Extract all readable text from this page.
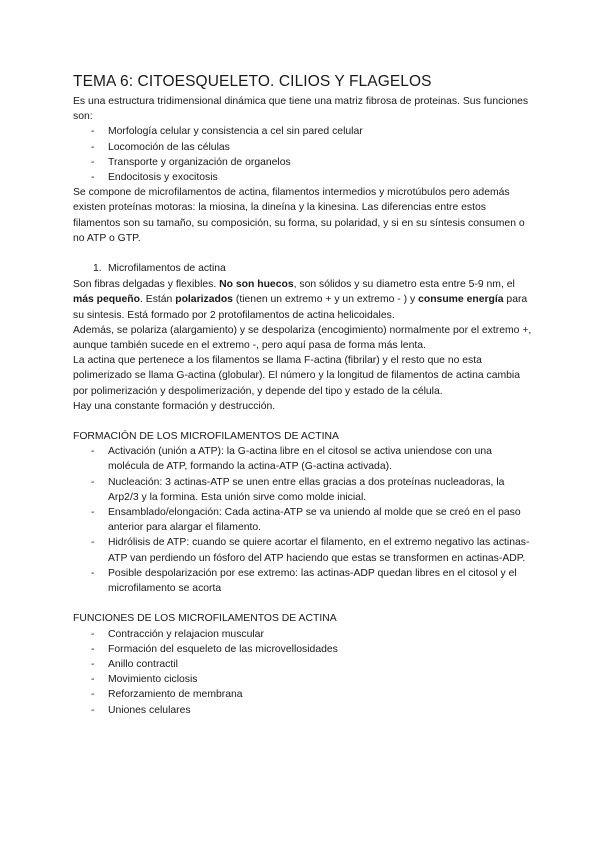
TEMA 6: CITOESQUELETO. CILIOS Y FLAGELOS

Es una estructura tridimensional dinámica que tiene una matriz fibrosa de proteinas. Sus funciones son:

- Morfología celular y consistencia a cel sin pared celular
- Locomoción de las células
- Transporte y organización de organelos
- Endocitosis y exocitosis

Se compone de microfilamentos de actina, filamentos intermedios y microtúbulos pero además existen proteínas motoras: la miosina, la dineína y la kinesina. Las diferencias entre estos filamentos son su tamaño, su composición, su forma, su polaridad, y si en su síntesis consumen o no ATP o GTP.

1. Microfilamentos de actina

Son fibras delgadas y flexibles. No son huecos, son sólidos y su diametro esta entre 5-9 nm, el más pequeño. Están polarizados (tienen un extremo + y un extremo - ) y consume energía para su sintesis. Está formado por 2 protofilamentos de actina helicoidales.

Además, se polariza (alargamiento) y se despolariza (encogimiento) normalmente por el extremo +, aunque también sucede en el extremo -, pero aquí pasa de forma más lenta.

La actina que pertenece a los filamentos se llama F-actina (fibrilar) y el resto que no esta polimerizado se llama G-actina (globular). El número y la longitud de filamentos de actina cambia por polimerización y despolimerización, y depende del tipo y estado de la célula.

Hay una constante formación y destrucción.

FORMACIÓN DE LOS MICROFILAMENTOS DE ACTINA
- Activación (unión a ATP): la G-actina libre en el citosol se activa uniendose con una molécula de ATP, formando la actina-ATP (G-actina activada).
- Nucleación: 3 actinas-ATP se unen entre ellas gracias a dos proteínas nucleadoras, la Arp2/3 y la formina. Esta unión sirve como molde inicial.
- Ensamblado/elongación: Cada actina-ATP se va uniendo al molde que se creó en el paso anterior para alargar el filamento.
- Hidrólisis de ATP: cuando se quiere acortar el filamento, en el extremo negativo las actinas-ATP van perdiendo un fósforo del ATP haciendo que estas se transformen en actinas-ADP.
- Posible despolarización por ese extremo: las actinas-ADP quedan libres en el citosol y el microfilamento se acorta
FUNCIONES DE LOS MICROFILAMENTOS DE ACTINA
- Contracción y relajacion muscular
- Formación del esqueleto de las microvellosidades
- Anillo contractil
- Movimiento ciclosis
- Reforzamiento de membrana
- Uniones celulares
